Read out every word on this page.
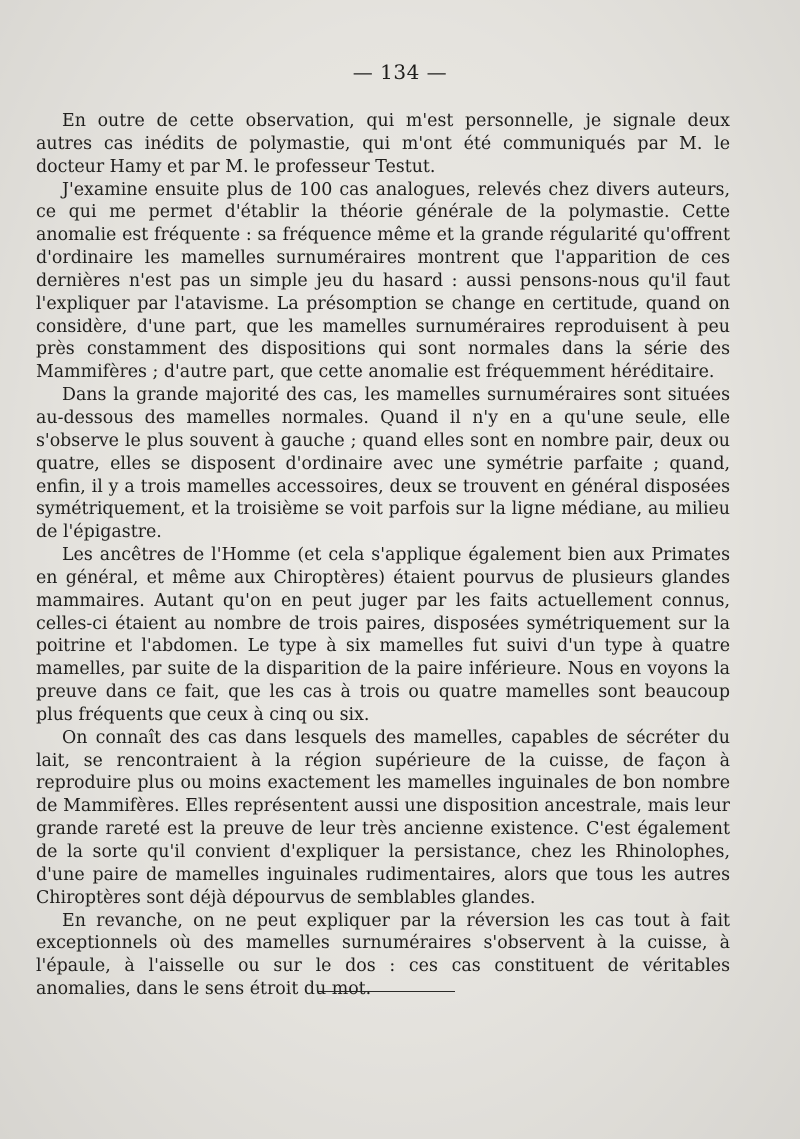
— 134 —

En outre de cette observation, qui m'est personnelle, je signale deux autres cas inédits de polymastie, qui m'ont été communiqués par M. le docteur Hamy et par M. le professeur Testut.

J'examine ensuite plus de 100 cas analogues, relevés chez divers auteurs, ce qui me permet d'établir la théorie générale de la polymastie. Cette anomalie est fréquente : sa fréquence même et la grande régularité qu'offrent d'ordinaire les mamelles surnuméraires montrent que l'apparition de ces dernières n'est pas un simple jeu du hasard : aussi pensons-nous qu'il faut l'expliquer par l'atavisme. La présomption se change en certitude, quand on considère, d'une part, que les mamelles surnuméraires reproduisent à peu près constamment des dispositions qui sont normales dans la série des Mammifères ; d'autre part, que cette anomalie est fréquemment héréditaire.

Dans la grande majorité des cas, les mamelles surnuméraires sont situées au-dessous des mamelles normales. Quand il n'y en a qu'une seule, elle s'observe le plus souvent à gauche ; quand elles sont en nombre pair, deux ou quatre, elles se disposent d'ordinaire avec une symétrie parfaite ; quand, enfin, il y a trois mamelles accessoires, deux se trouvent en général disposées symétriquement, et la troisième se voit parfois sur la ligne médiane, au milieu de l'épigastre.

Les ancêtres de l'Homme (et cela s'applique également bien aux Primates en général, et même aux Chiroptères) étaient pourvus de plusieurs glandes mammaires. Autant qu'on en peut juger par les faits actuellement connus, celles-ci étaient au nombre de trois paires, disposées symétriquement sur la poitrine et l'abdomen. Le type à six mamelles fut suivi d'un type à quatre mamelles, par suite de la disparition de la paire inférieure. Nous en voyons la preuve dans ce fait, que les cas à trois ou quatre mamelles sont beaucoup plus fréquents que ceux à cinq ou six.

On connaît des cas dans lesquels des mamelles, capables de sécréter du lait, se rencontraient à la région supérieure de la cuisse, de façon à reproduire plus ou moins exactement les mamelles inguinales de bon nombre de Mammifères. Elles représentent aussi une disposition ancestrale, mais leur grande rareté est la preuve de leur très ancienne existence. C'est également de la sorte qu'il convient d'expliquer la persistance, chez les Rhinolophes, d'une paire de mamelles inguinales rudimentaires, alors que tous les autres Chiroptères sont déjà dépourvus de semblables glandes.

En revanche, on ne peut expliquer par la réversion les cas tout à fait exceptionnels où des mamelles surnuméraires s'observent à la cuisse, à l'épaule, à l'aisselle ou sur le dos : ces cas constituent de véritables anomalies, dans le sens étroit du mot.
